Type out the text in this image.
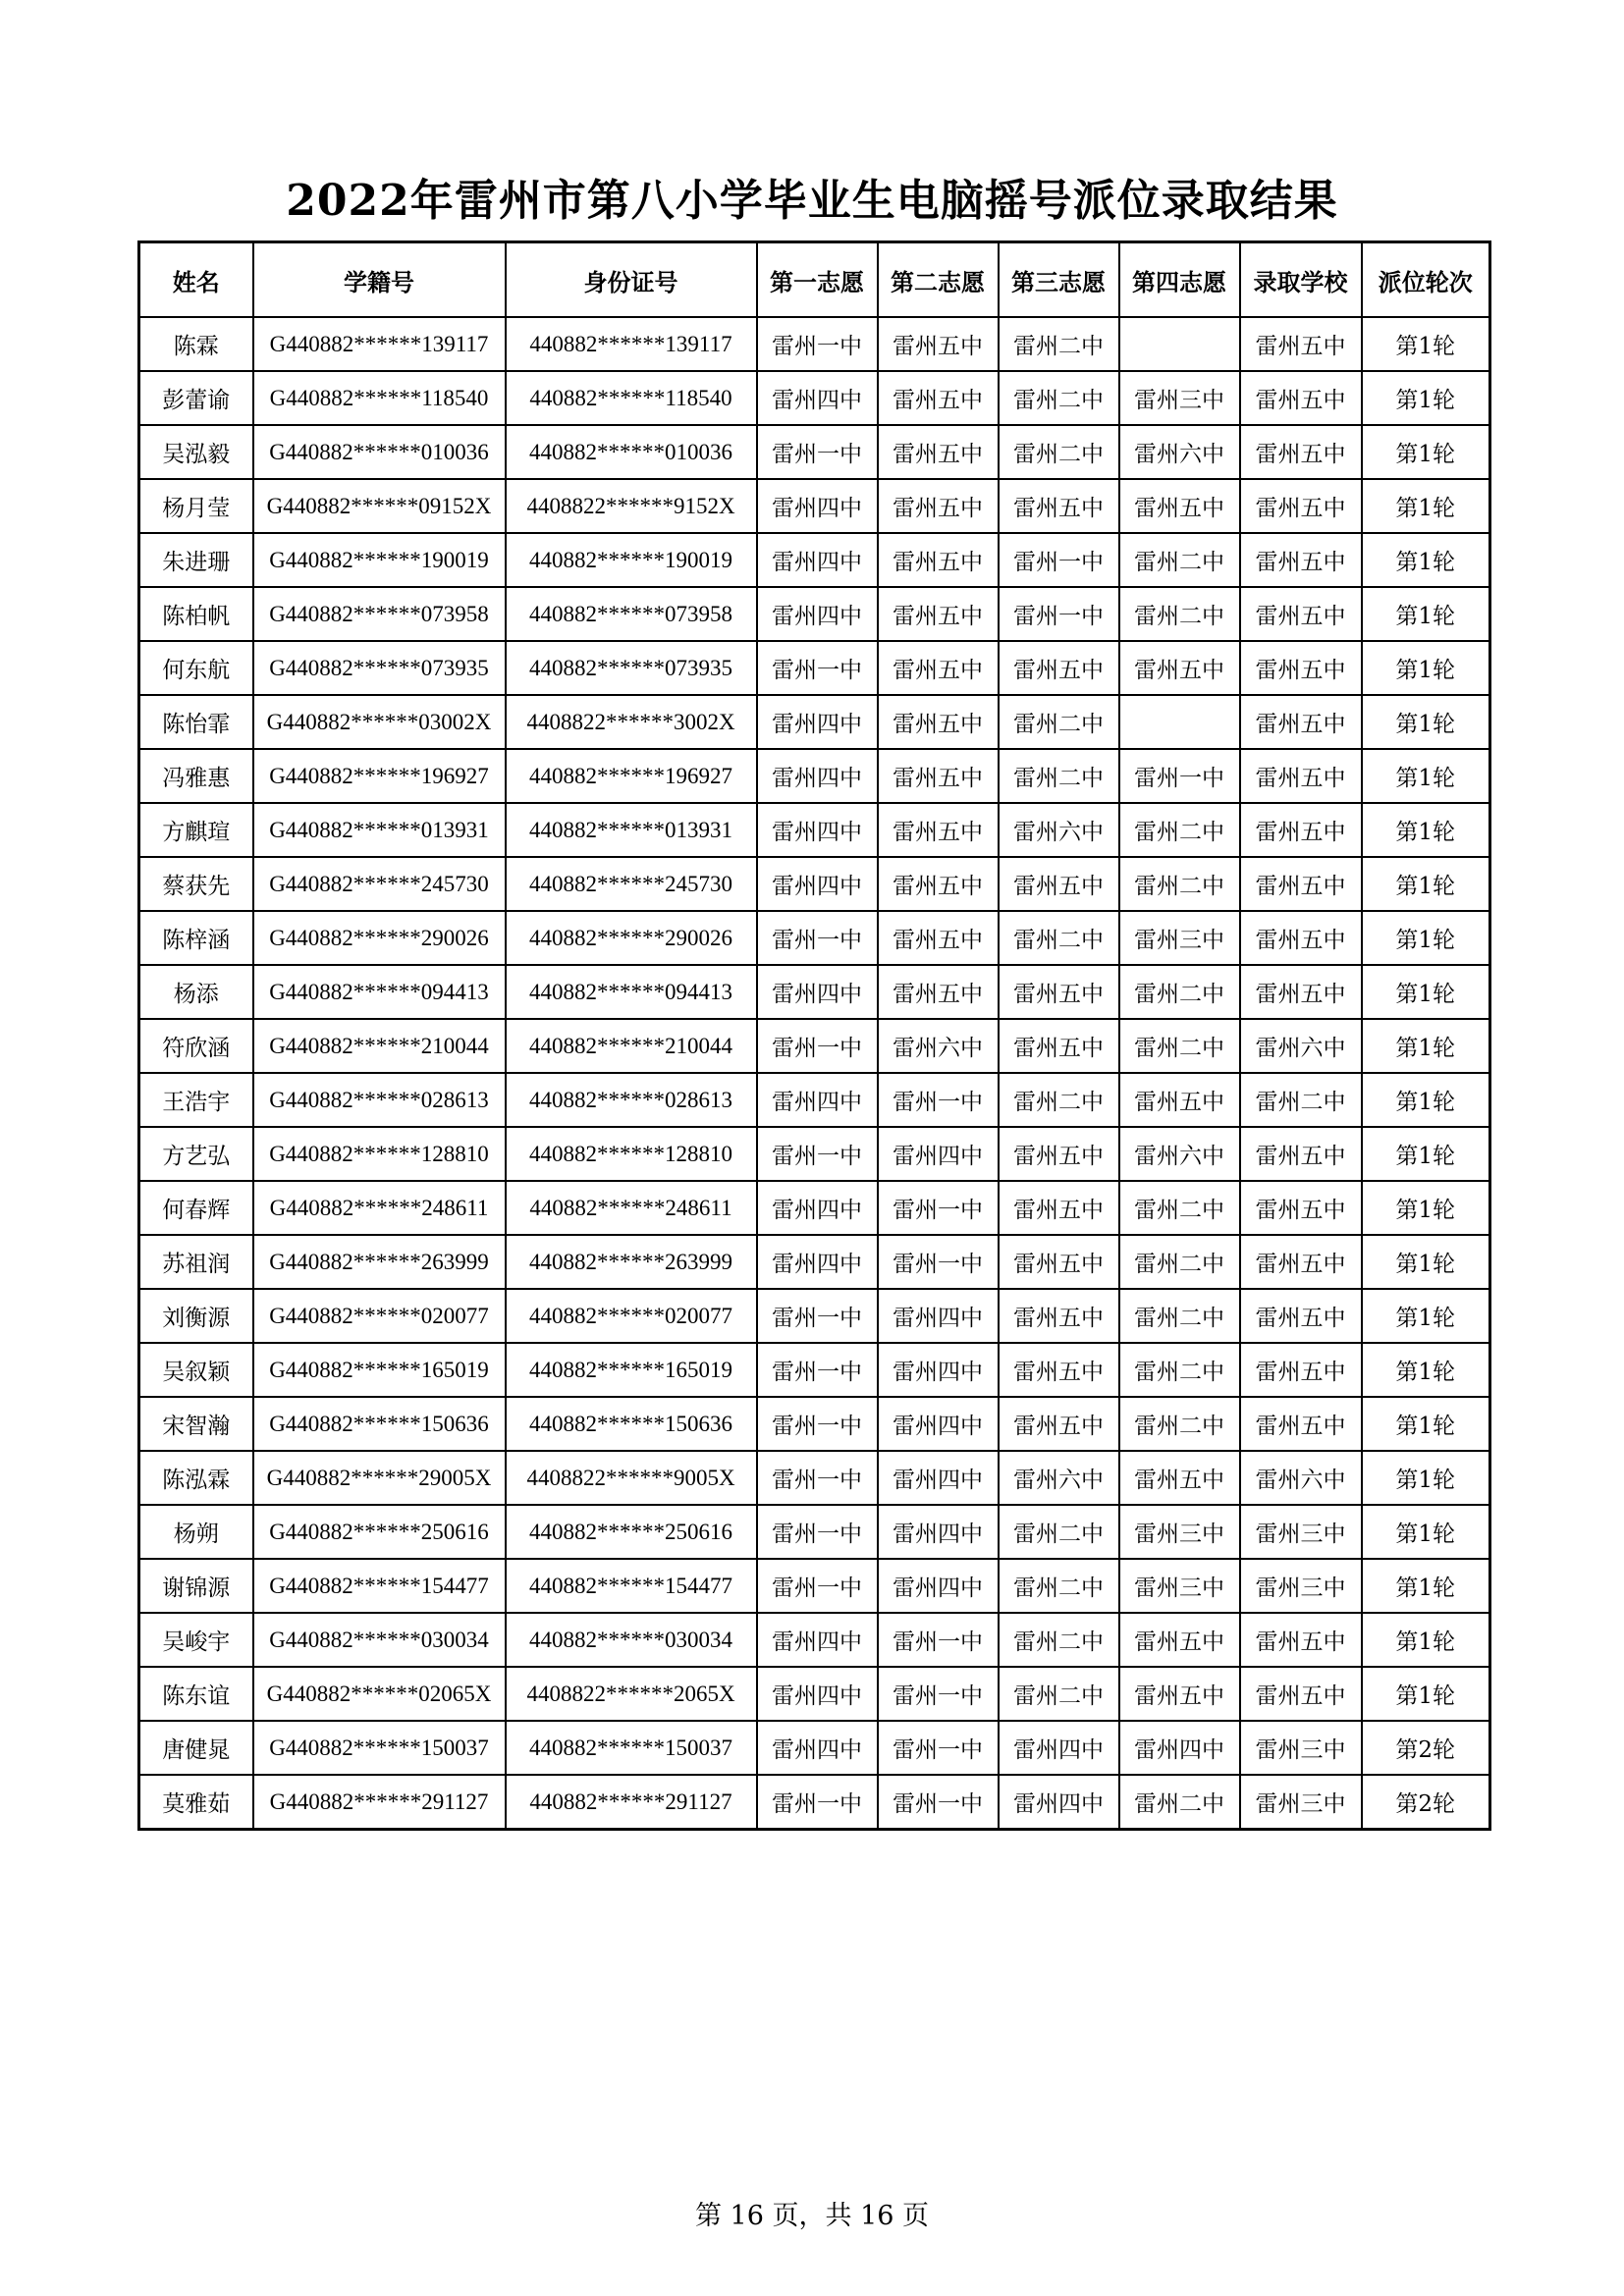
2022年雷州市第八小学毕业生电脑摇号派位录取结果
姓名	学籍号	身份证号	第一志愿	第二志愿	第三志愿	第四志愿	录取学校	派位轮次
陈霖	G440882******139117	440882******139117	雷州一中	雷州五中	雷州二中		雷州五中	第1轮
彭蕾谕	G440882******118540	440882******118540	雷州四中	雷州五中	雷州二中	雷州三中	雷州五中	第1轮
吴泓毅	G440882******010036	440882******010036	雷州一中	雷州五中	雷州二中	雷州六中	雷州五中	第1轮
杨月莹	G440882******09152X	4408822******9152X	雷州四中	雷州五中	雷州五中	雷州五中	雷州五中	第1轮
朱进珊	G440882******190019	440882******190019	雷州四中	雷州五中	雷州一中	雷州二中	雷州五中	第1轮
陈柏帆	G440882******073958	440882******073958	雷州四中	雷州五中	雷州一中	雷州二中	雷州五中	第1轮
何东航	G440882******073935	440882******073935	雷州一中	雷州五中	雷州五中	雷州五中	雷州五中	第1轮
陈怡霏	G440882******03002X	4408822******3002X	雷州四中	雷州五中	雷州二中		雷州五中	第1轮
冯雅惠	G440882******196927	440882******196927	雷州四中	雷州五中	雷州二中	雷州一中	雷州五中	第1轮
方麒瑄	G440882******013931	440882******013931	雷州四中	雷州五中	雷州六中	雷州二中	雷州五中	第1轮
蔡获先	G440882******245730	440882******245730	雷州四中	雷州五中	雷州五中	雷州二中	雷州五中	第1轮
陈梓涵	G440882******290026	440882******290026	雷州一中	雷州五中	雷州二中	雷州三中	雷州五中	第1轮
杨添	G440882******094413	440882******094413	雷州四中	雷州五中	雷州五中	雷州二中	雷州五中	第1轮
符欣涵	G440882******210044	440882******210044	雷州一中	雷州六中	雷州五中	雷州二中	雷州六中	第1轮
王浩宇	G440882******028613	440882******028613	雷州四中	雷州一中	雷州二中	雷州五中	雷州二中	第1轮
方艺弘	G440882******128810	440882******128810	雷州一中	雷州四中	雷州五中	雷州六中	雷州五中	第1轮
何春辉	G440882******248611	440882******248611	雷州四中	雷州一中	雷州五中	雷州二中	雷州五中	第1轮
苏祖润	G440882******263999	440882******263999	雷州四中	雷州一中	雷州五中	雷州二中	雷州五中	第1轮
刘衡源	G440882******020077	440882******020077	雷州一中	雷州四中	雷州五中	雷州二中	雷州五中	第1轮
吴叙颖	G440882******165019	440882******165019	雷州一中	雷州四中	雷州五中	雷州二中	雷州五中	第1轮
宋智瀚	G440882******150636	440882******150636	雷州一中	雷州四中	雷州五中	雷州二中	雷州五中	第1轮
陈泓霖	G440882******29005X	4408822******9005X	雷州一中	雷州四中	雷州六中	雷州五中	雷州六中	第1轮
杨朔	G440882******250616	440882******250616	雷州一中	雷州四中	雷州二中	雷州三中	雷州三中	第1轮
谢锦源	G440882******154477	440882******154477	雷州一中	雷州四中	雷州二中	雷州三中	雷州三中	第1轮
吴峻宇	G440882******030034	440882******030034	雷州四中	雷州一中	雷州二中	雷州五中	雷州五中	第1轮
陈东谊	G440882******02065X	4408822******2065X	雷州四中	雷州一中	雷州二中	雷州五中	雷州五中	第1轮
唐健晁	G440882******150037	440882******150037	雷州四中	雷州一中	雷州四中	雷州四中	雷州三中	第2轮
莫雅茹	G440882******291127	440882******291127	雷州一中	雷州一中	雷州四中	雷州二中	雷州三中	第2轮
第 16 页，共 16 页
